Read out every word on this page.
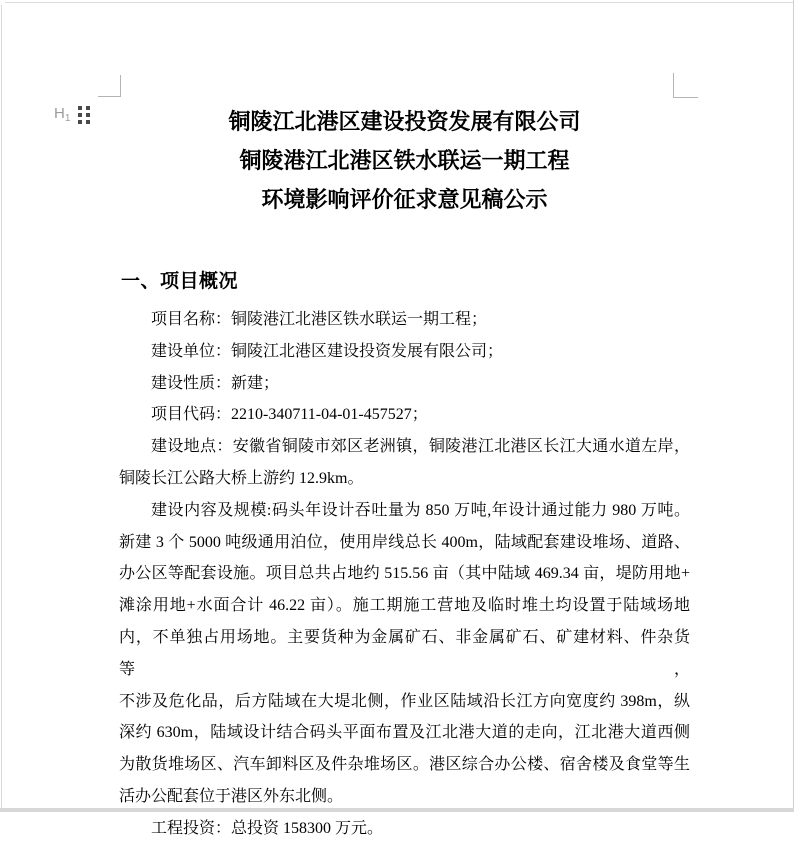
$H_1$	铜陵江北港区建设投资发展有限公司
铜陵港江北港区铁水联运一期工程
环境影响评价征求意见稿公示
一、项目概况
项目名称：铜陵港江北港区铁水联运一期工程；
建设单位：铜陵江北港区建设投资发展有限公司；
建设性质：新建；
项目代码：2210-340711-04-01-457527；
建设地点：安徽省铜陵市郊区老洲镇，铜陵港江北港区长江大通水道左岸，
铜陵长江公路大桥上游约 12.9km。
建设内容及规模:码头年设计吞吐量为 850 万吨,年设计通过能力 980 万吨。
新建 3 个 5000 吨级通用泊位，使用岸线总长 400m，陆域配套建设堆场、道路、
办公区等配套设施。项目总共占地约 515.56 亩（其中陆域 469.34 亩，堤防用地+
滩涂用地+水面合计 46.22 亩）。施工期施工营地及临时堆土均设置于陆域场地
内，不单独占用场地。主要货种为金属矿石、非金属矿石、矿建材料、件杂货等，
不涉及危化品，后方陆域在大堤北侧，作业区陆域沿长江方向宽度约 398m，纵
深约 630m，陆域设计结合码头平面布置及江北港大道的走向，江北港大道西侧
为散货堆场区、汽车卸料区及件杂堆场区。港区综合办公楼、宿舍楼及食堂等生
活办公配套位于港区外东北侧。
工程投资：总投资 158300 万元。
